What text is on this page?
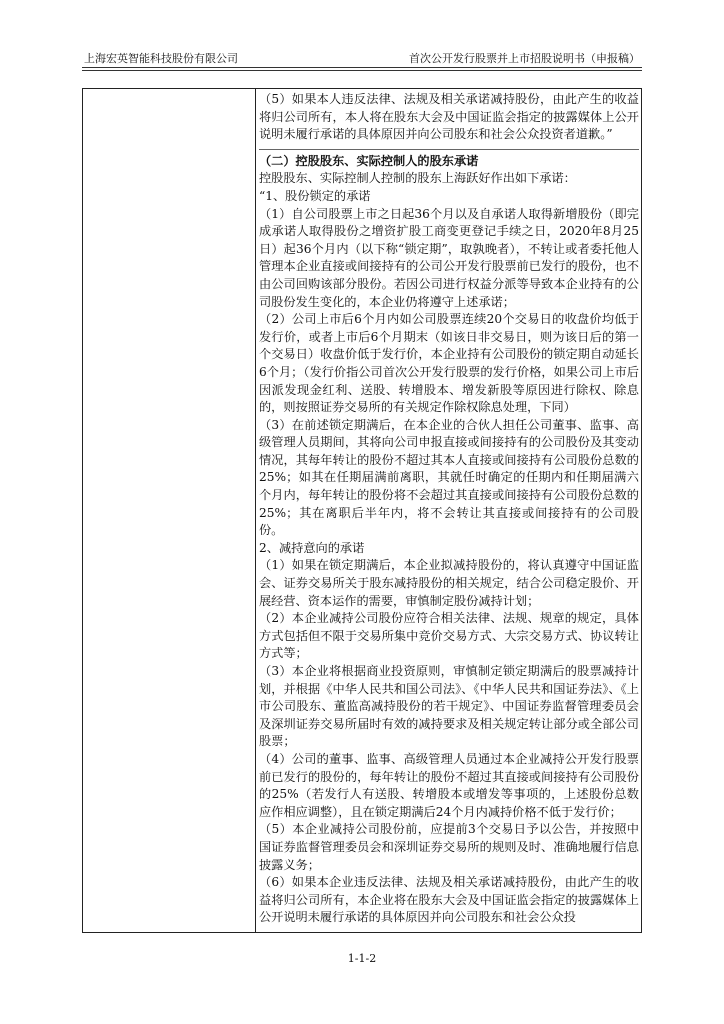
上海宏英智能科技股份有限公司	首次公开发行股票并上市招股说明书（申报稿）

（5）如果本人违反法律、法规及相关承诺减持股份，由此产生的收益将归公司所有，本人将在股东大会及中国证监会指定的披露媒体上公开说明未履行承诺的具体原因并向公司股东和社会公众投资者道歉。”

（二）控股股东、实际控制人的股东承诺

控股股东、实际控制人控制的股东上海跃好作出如下承诺：

“1、股份锁定的承诺

（1）自公司股票上市之日起36个月以及自承诺人取得新增股份（即完成承诺人取得股份之增资扩股工商变更登记手续之日，2020年8月25日）起36个月内（以下称“锁定期”，取孰晚者），不转让或者委托他人管理本企业直接或间接持有的公司公开发行股票前已发行的股份，也不由公司回购该部分股份。若因公司进行权益分派等导致本企业持有的公司股份发生变化的，本企业仍将遵守上述承诺；

（2）公司上市后6个月内如公司股票连续20个交易日的收盘价均低于发行价，或者上市后6个月期末（如该日非交易日，则为该日后的第一个交易日）收盘价低于发行价，本企业持有公司股份的锁定期自动延长6个月；（发行价指公司首次公开发行股票的发行价格，如果公司上市后因派发现金红利、送股、转增股本、增发新股等原因进行除权、除息的，则按照证券交易所的有关规定作除权除息处理，下同）

（3）在前述锁定期满后，在本企业的合伙人担任公司董事、监事、高级管理人员期间，其将向公司申报直接或间接持有的公司股份及其变动情况，其每年转让的股份不超过其本人直接或间接持有公司股份总数的25%；如其在任期届满前离职，其就任时确定的任期内和任期届满六个月内，每年转让的股份将不会超过其直接或间接持有公司股份总数的25%；其在离职后半年内，将不会转让其直接或间接持有的公司股份。

2、减持意向的承诺

（1）如果在锁定期满后，本企业拟减持股份的，将认真遵守中国证监会、证券交易所关于股东减持股份的相关规定，结合公司稳定股价、开展经营、资本运作的需要，审慎制定股份减持计划；

（2）本企业减持公司股份应符合相关法律、法规、规章的规定，具体方式包括但不限于交易所集中竞价交易方式、大宗交易方式、协议转让方式等；

（3）本企业将根据商业投资原则，审慎制定锁定期满后的股票减持计划，并根据《中华人民共和国公司法》、《中华人民共和国证券法》、《上市公司股东、董监高减持股份的若干规定》、中国证券监督管理委员会及深圳证券交易所届时有效的减持要求及相关规定转让部分或全部公司股票；

（4）公司的董事、监事、高级管理人员通过本企业减持公开发行股票前已发行的股份的，每年转让的股份不超过其直接或间接持有公司股份的25%（若发行人有送股、转增股本或增发等事项的，上述股份总数应作相应调整），且在锁定期满后24个月内减持价格不低于发行价；

（5）本企业减持公司股份前，应提前3个交易日予以公告，并按照中国证券监督管理委员会和深圳证券交易所的规则及时、准确地履行信息披露义务；

（6）如果本企业违反法律、法规及相关承诺减持股份，由此产生的收益将归公司所有，本企业将在股东大会及中国证监会指定的披露媒体上公开说明未履行承诺的具体原因并向公司股东和社会公众投

1-1-2
